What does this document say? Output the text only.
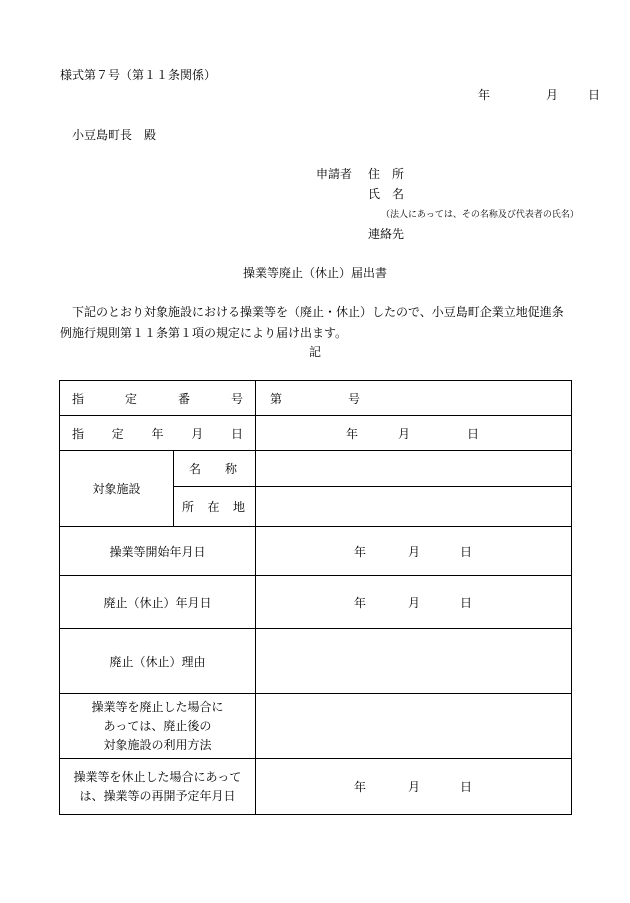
様式第７号（第１１条関係）
年	月	日
小豆島町長　殿
申請者 住　所
氏　名
（法人にあっては、その名称及び代表者の氏名）
連絡先
操業等廃止（休止）届出書
下記のとおり対象施設における操業等を（廃止・休止）したので、小豆島町企業立地促進条例施行規則第１１条第１項の規定により届け出ます。
記
指 定 番 号		第 号

指 定 年 月 日		年 月 日
対象施設	名 称	

	所 在 地	

操業等開始年月日		年 月 日
廃止（休止）年月日		年 月 日
廃止（休止）理由		

操業等を廃止した場合に
あっては、廃止後の
対象施設の利用方法		

操業等を休止した場合にあって
は、操業等の再開予定年月日		年 月 日
